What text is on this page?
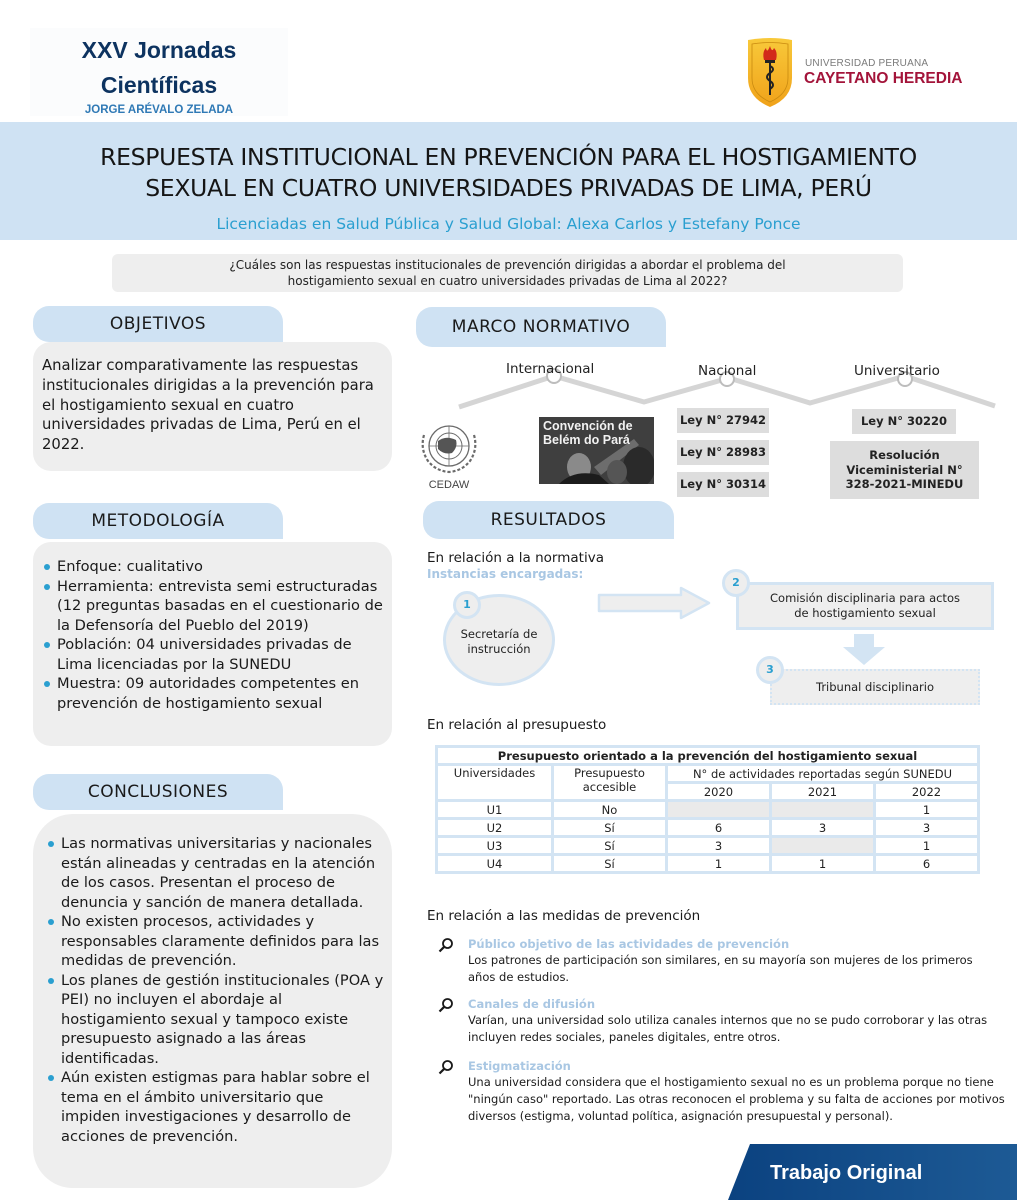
XXV Jornadas
Científicas
JORGE ARÉVALO ZELADA
UNIVERSIDAD PERUANA
CAYETANO HEREDIA
RESPUESTA INSTITUCIONAL EN PREVENCIÓN PARA EL HOSTIGAMIENTO
SEXUAL EN CUATRO UNIVERSIDADES PRIVADAS DE LIMA, PERÚ
Licenciadas en Salud Pública y Salud Global: Alexa Carlos y Estefany Ponce
¿Cuáles son las respuestas institucionales de prevención dirigidas a abordar el problema del
hostigamiento sexual en cuatro universidades privadas de Lima al 2022?
Analizar comparativamente las respuestas institucionales dirigidas a la prevención para el hostigamiento sexual en cuatro universidades privadas de Lima, Perú en el 2022.
OBJETIVOS
Enfoque: cualitativo
Herramienta: entrevista semi estructuradas (12 preguntas basadas en el cuestionario de la Defensoría del Pueblo del 2019)
Población: 04 universidades privadas de Lima licenciadas por la SUNEDU
Muestra: 09 autoridades competentes en prevención de hostigamiento sexual
METODOLOGÍA
Las normativas universitarias y nacionales están alineadas y centradas en la atención de los casos. Presentan el proceso de denuncia y sanción de manera detallada.
No existen procesos, actividades y responsables claramente definidos para las medidas de prevención.
Los planes de gestión institucionales (POA y PEI) no incluyen el abordaje al hostigamiento sexual y tampoco existe presupuesto asignado a las áreas identificadas.
Aún existen estigmas para hablar sobre el tema en el ámbito universitario que impiden investigaciones y desarrollo de acciones de prevención.
CONCLUSIONES
MARCO NORMATIVO
Internacional	Nacional	Universitario
CEDAW
Convención de
Belém do Pará
Ley N° 27942
Ley N° 28983
Ley N° 30314
Ley N° 30220
Resolución
Viceministerial N°
328-2021-MINEDU
RESULTADOS
En relación a la normativa
Instancias encargadas:
Secretaría de
instrucción
1	Comisión disciplinaria para actos
de hostigamiento sexual
2
Tribunal disciplinario
3
En relación al presupuesto
Presupuesto orientado a la prevención del hostigamiento sexual				
Universidades	Presupuesto
accesible	N° de actividades reportadas según SUNEDU		
		2020	2021	2022
U1	No			1
U2	Sí	6	3	3
U3	Sí	3		1
U4	Sí	1	1	6
En relación a las medidas de prevención
Público objetivo de las actividades de prevención
Los patrones de participación son similares, en su mayoría son mujeres de los primeros años de estudios.
Canales de difusión
Varían, una universidad solo utiliza canales internos que no se pudo corroborar y las otras incluyen redes sociales, paneles digitales, entre otros.
Estigmatización
Una universidad considera que el hostigamiento sexual no es un problema porque no tiene "ningún caso" reportado. Las otras reconocen el problema y su falta de acciones por motivos diversos (estigma, voluntad política, asignación presupuestal y personal).
Trabajo Original
